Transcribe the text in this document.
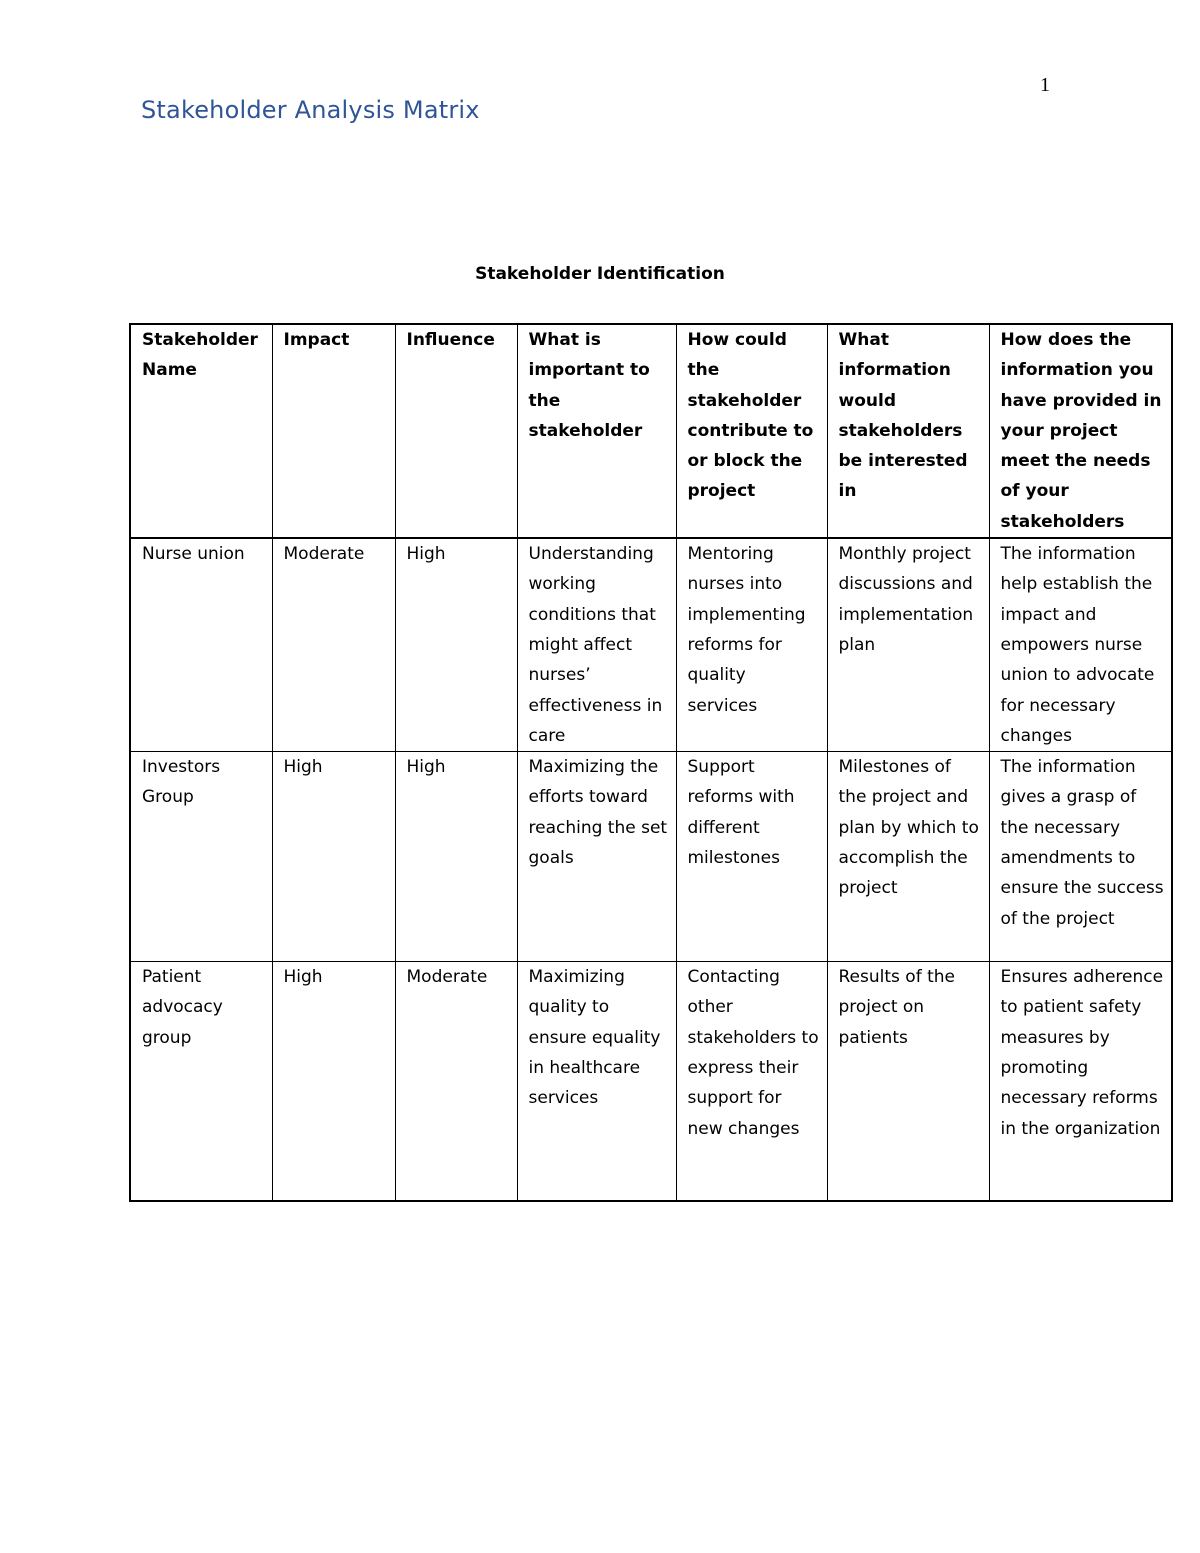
1
Stakeholder Analysis Matrix
Stakeholder Identification
Stakeholder Name	Impact	Influence	What is important to the stakeholder	How could the stakeholder contribute to or block the project	What information would stakeholders be interested in	How does the information you have provided in your project meet the needs of your stakeholders
Nurse union	Moderate	High	Understanding working conditions that might affect nurses’ effectiveness in care	Mentoring nurses into implementing reforms for quality services	Monthly project discussions and implementation plan	The information help establish the impact and empowers nurse union to advocate for necessary changes
Investors Group	High	High	Maximizing the efforts toward reaching the set goals	Support reforms with different milestones	Milestones of the project and plan by which to accomplish the project	The information gives a grasp of the necessary amendments to ensure the success of the project
Patient advocacy group	High	Moderate	Maximizing quality to ensure equality in healthcare services	Contacting other stakeholders to express their support for new changes	Results of the project on patients	Ensures adherence to patient safety measures by promoting necessary reforms in the organization
